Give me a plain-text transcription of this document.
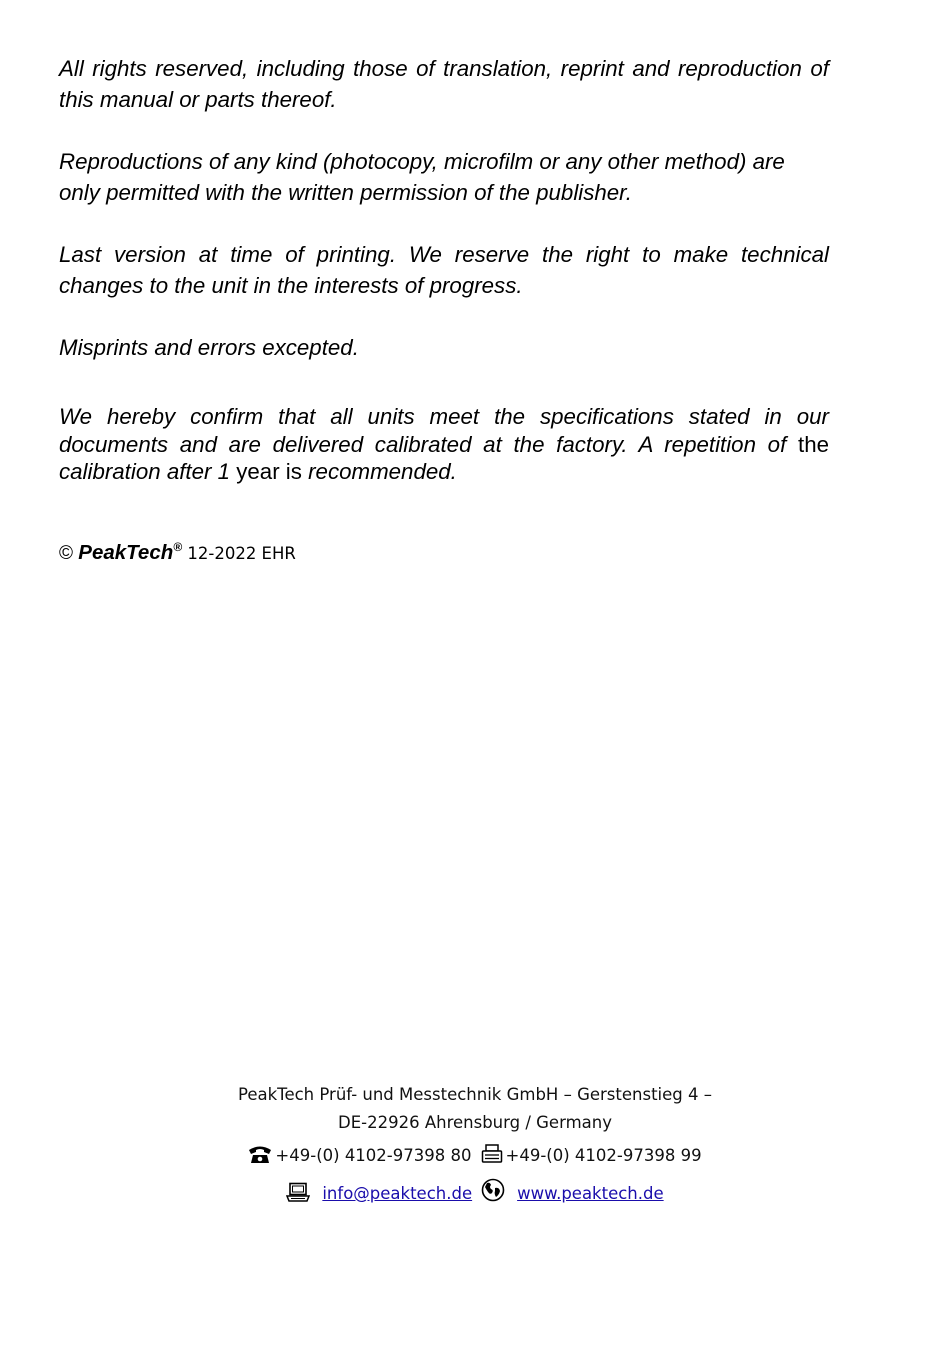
All rights reserved, including those of translation, reprint and reproduction of this manual or parts thereof.

Reproductions of any kind (photocopy, microfilm or any other method) are only permitted with the written permission of the publisher.

Last version at time of printing. We reserve the right to make technical changes to the unit in the interests of progress.

Misprints and errors excepted.

We hereby confirm that all units meet the specifications stated in our documents and are delivered calibrated at the factory. A repetition of the calibration after 1 year is recommended.

© PeakTech® 12-2022 EHR

PeakTech Prüf- und Messtechnik GmbH – Gerstenstieg 4 –
DE-22926 Ahrensburg / Germany
+49-(0) 4102-97398 80 +49-(0) 4102-97398 99
info@peaktech.de	www.peaktech.de
